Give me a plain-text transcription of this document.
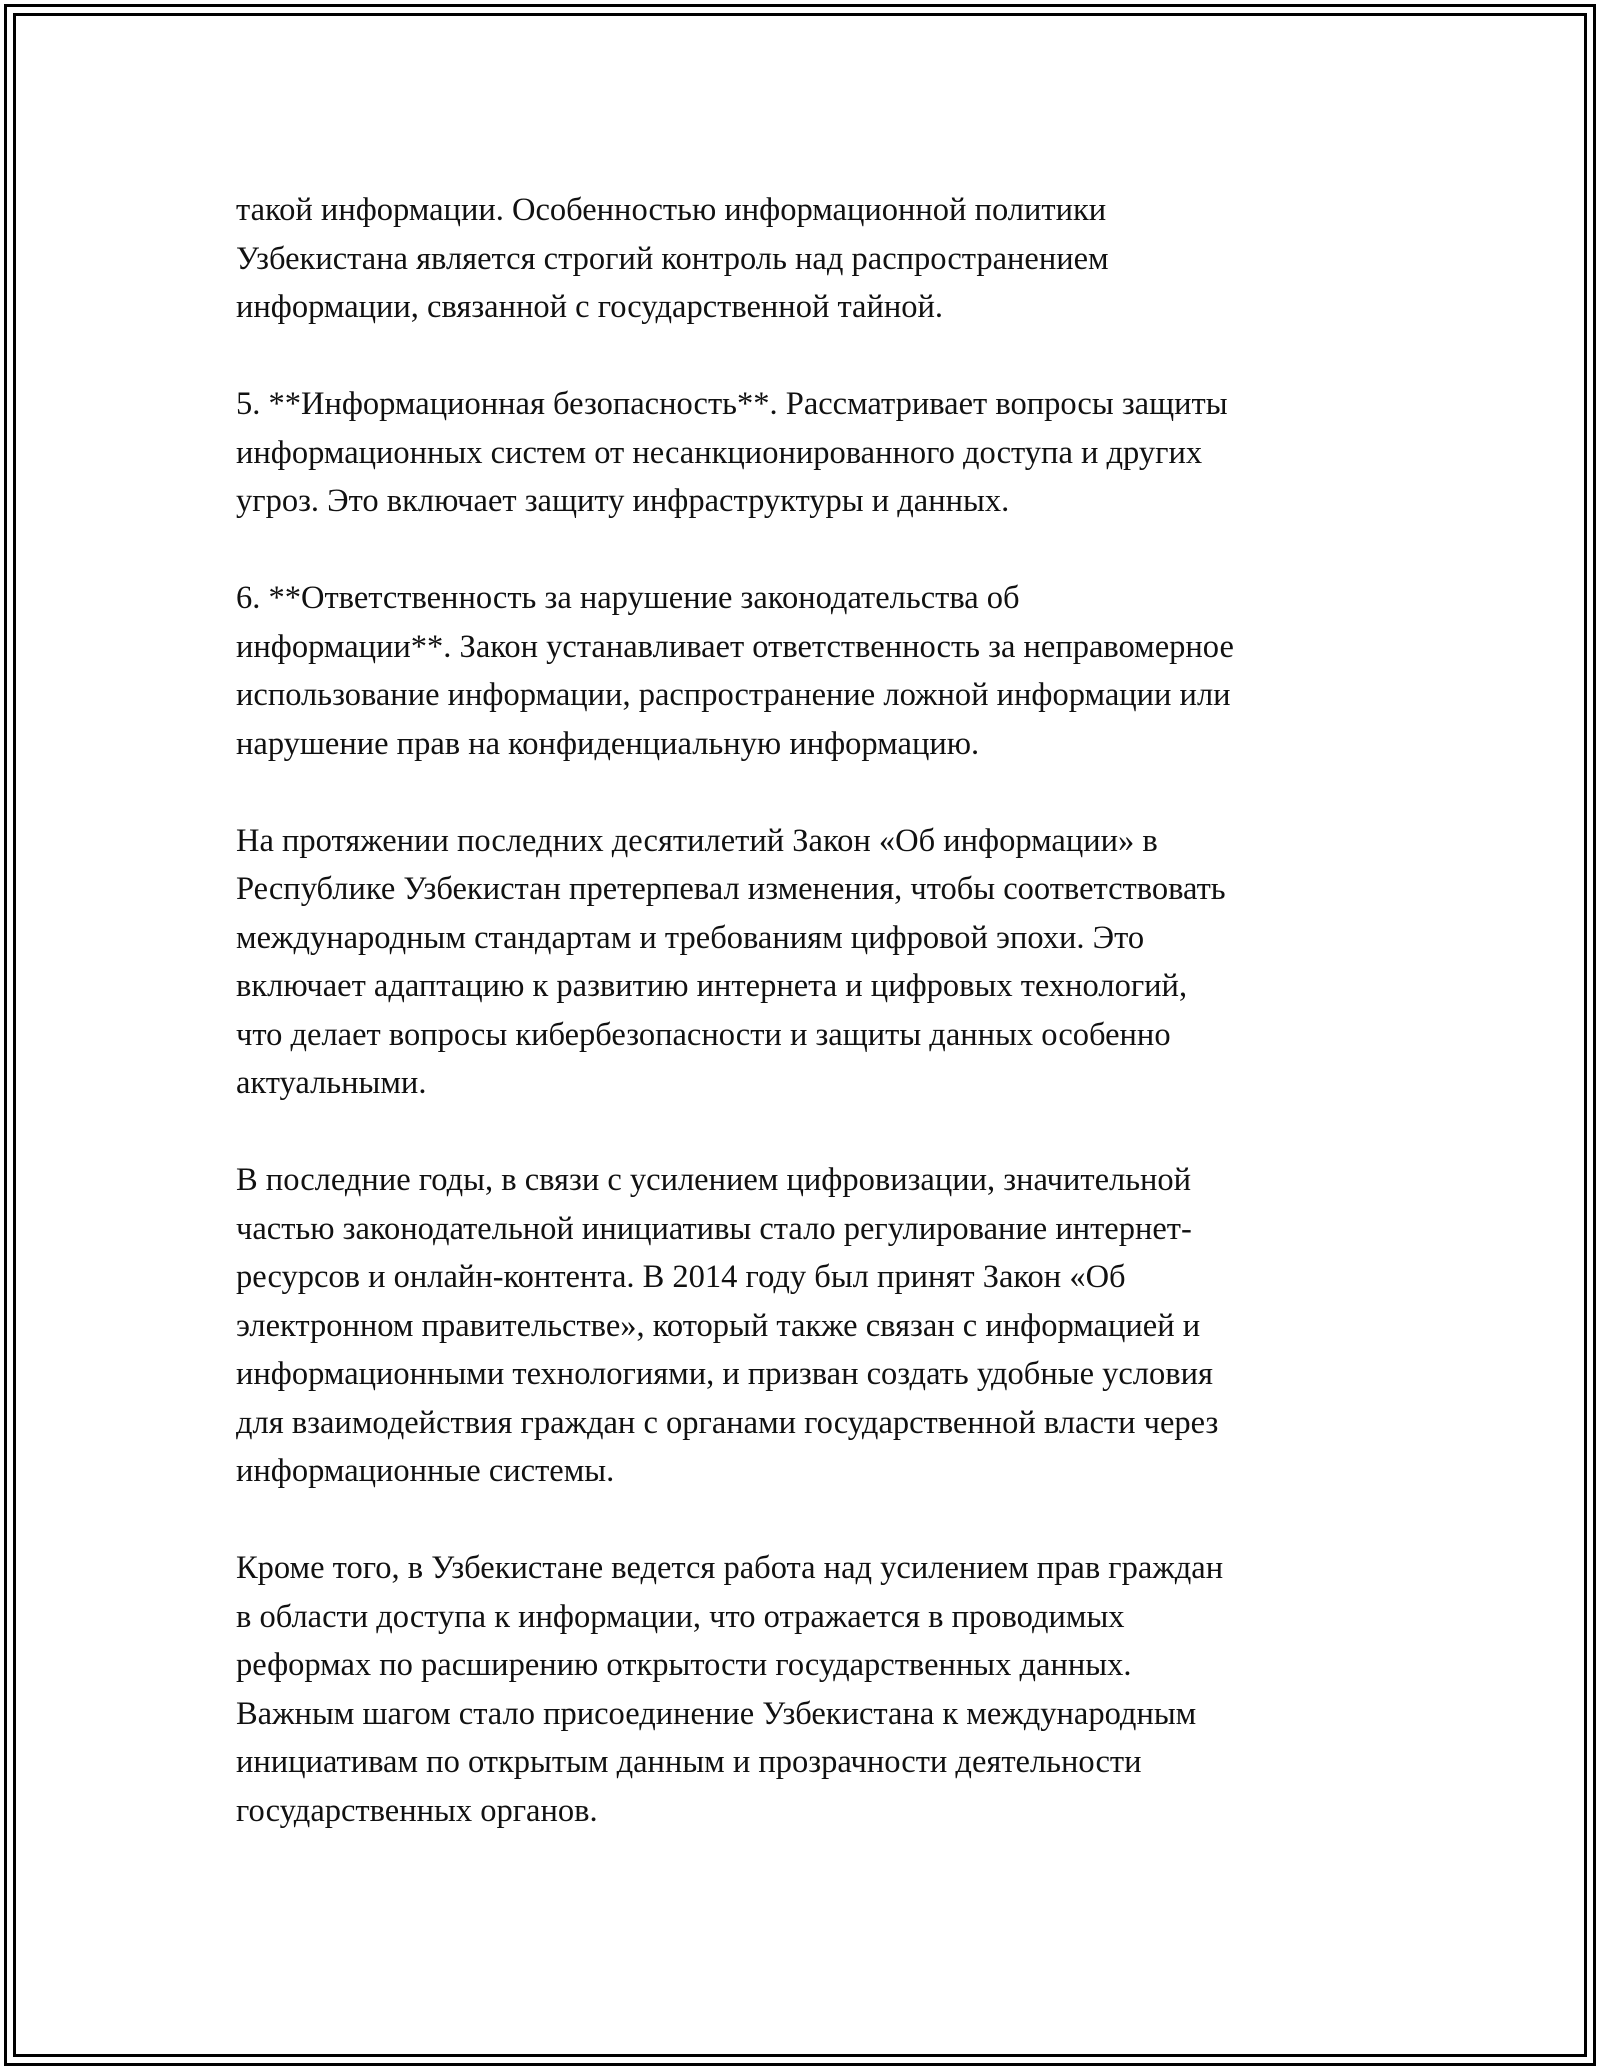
такой информации. Особенностью информационной политики
Узбекистана является строгий контроль над распространением
информации, связанной с государственной тайной.

5. **Информационная безопасность**. Рассматривает вопросы защиты
информационных систем от несанкционированного доступа и других
угроз. Это включает защиту инфраструктуры и данных.

6. **Ответственность за нарушение законодательства об
информации**. Закон устанавливает ответственность за неправомерное
использование информации, распространение ложной информации или
нарушение прав на конфиденциальную информацию.

На протяжении последних десятилетий Закон «Об информации» в
Республике Узбекистан претерпевал изменения, чтобы соответствовать
международным стандартам и требованиям цифровой эпохи. Это
включает адаптацию к развитию интернета и цифровых технологий,
что делает вопросы кибербезопасности и защиты данных особенно
актуальными.

В последние годы, в связи с усилением цифровизации, значительной
частью законодательной инициативы стало регулирование интернет-
ресурсов и онлайн-контента. В 2014 году был принят Закон «Об
электронном правительстве», который также связан с информацией и
информационными технологиями, и призван создать удобные условия
для взаимодействия граждан с органами государственной власти через
информационные системы.

Кроме того, в Узбекистане ведется работа над усилением прав граждан
в области доступа к информации, что отражается в проводимых
реформах по расширению открытости государственных данных.
Важным шагом стало присоединение Узбекистана к международным
инициативам по открытым данным и прозрачности деятельности
государственных органов.
